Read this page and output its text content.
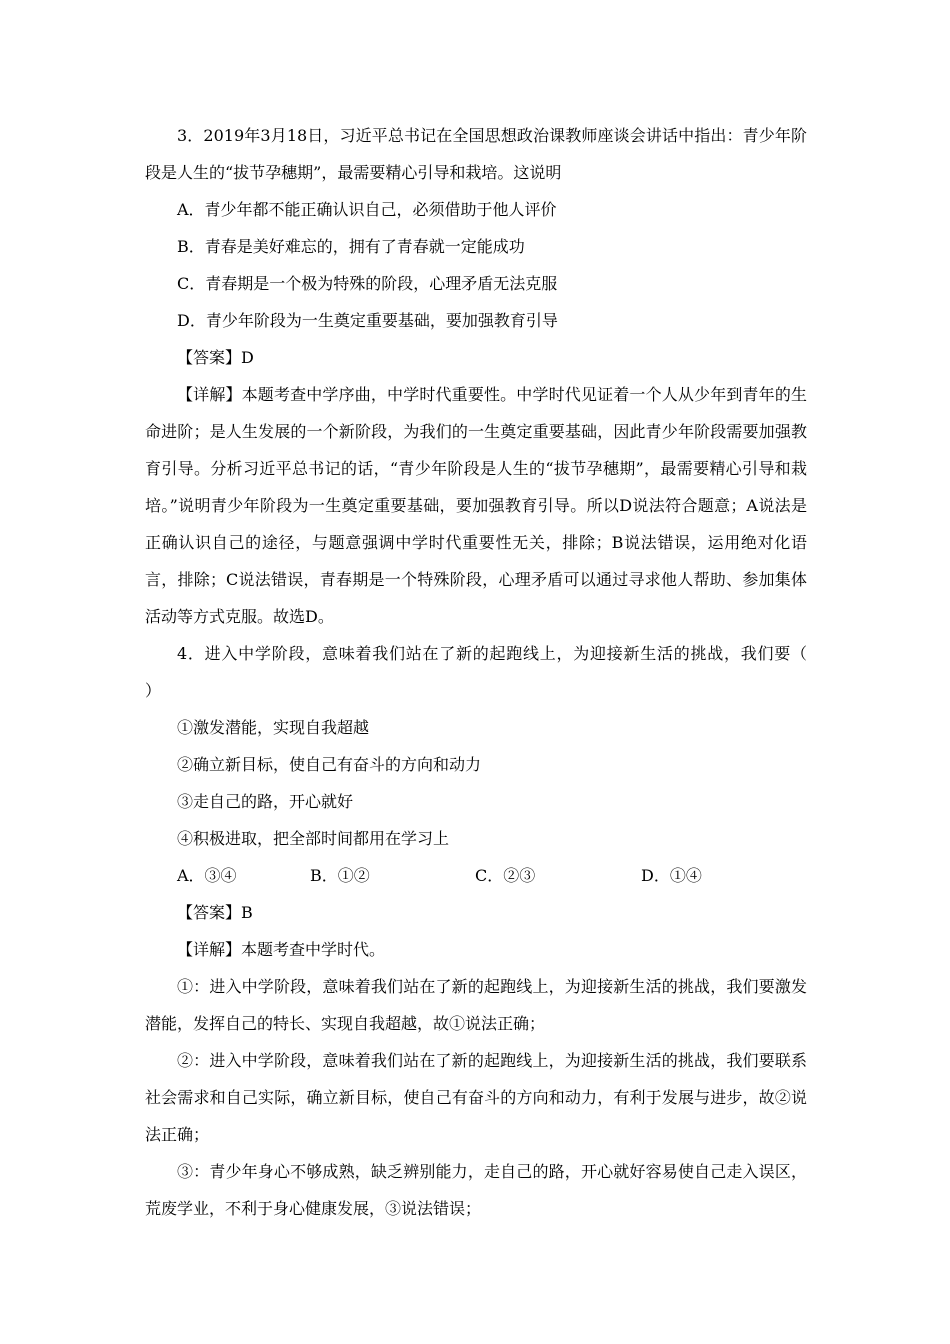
3．2019年3月18日，习近平总书记在全国思想政治课教师座谈会讲话中指出：青少年阶段是人生的“拔节孕穗期”，最需要精心引导和栽培。这说明

A．青少年都不能正确认识自己，必须借助于他人评价

B．青春是美好难忘的，拥有了青春就一定能成功

C．青春期是一个极为特殊的阶段，心理矛盾无法克服

D．青少年阶段为一生奠定重要基础，要加强教育引导

【答案】D

【详解】本题考查中学序曲，中学时代重要性。中学时代见证着一个人从少年到青年的生命进阶；是人生发展的一个新阶段，为我们的一生奠定重要基础，因此青少年阶段需要加强教育引导。分析习近平总书记的话，“青少年阶段是人生的“拔节孕穗期”，最需要精心引导和栽培。”说明青少年阶段为一生奠定重要基础，要加强教育引导。所以D说法符合题意；A说法是正确认识自己的途径，与题意强调中学时代重要性无关，排除；B说法错误，运用绝对化语言，排除；C说法错误，青春期是一个特殊阶段，心理矛盾可以通过寻求他人帮助、参加集体活动等方式克服。故选D。

4．进入中学阶段，意味着我们站在了新的起跑线上，为迎接新生活的挑战，我们要（　　）

①激发潜能，实现自我超越

②确立新目标，使自己有奋斗的方向和动力

③走自己的路，开心就好

④积极进取，把全部时间都用在学习上

A．③④	B．①②	C．②③	D．①④

【答案】B

【详解】本题考查中学时代。

①：进入中学阶段，意味着我们站在了新的起跑线上，为迎接新生活的挑战，我们要激发潜能，发挥自己的特长、实现自我超越，故①说法正确；

②：进入中学阶段，意味着我们站在了新的起跑线上，为迎接新生活的挑战，我们要联系社会需求和自己实际，确立新目标，使自己有奋斗的方向和动力，有利于发展与进步，故②说法正确；

③：青少年身心不够成熟，缺乏辨别能力，走自己的路，开心就好容易使自己走入误区，荒废学业，不利于身心健康发展，③说法错误；
